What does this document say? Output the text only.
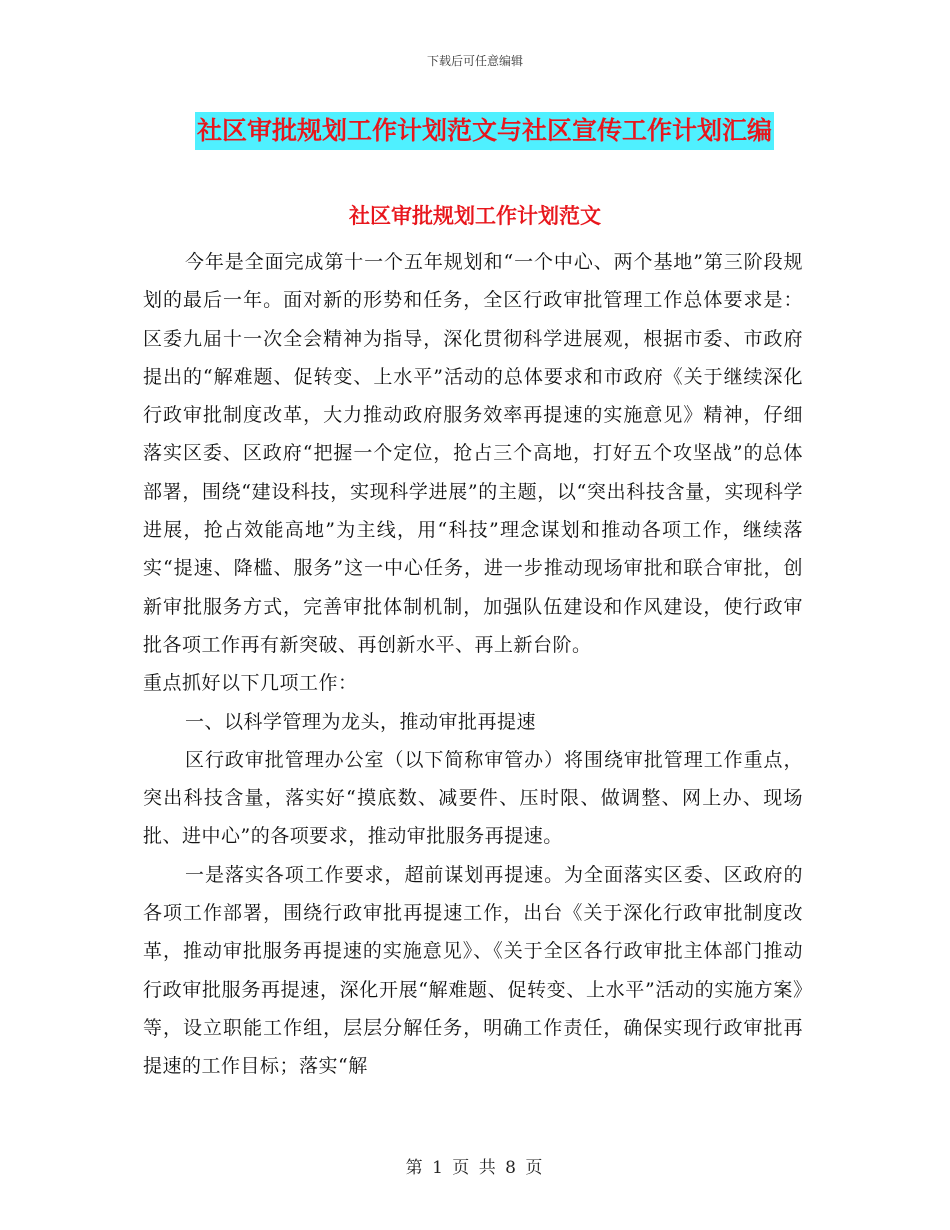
下载后可任意编辑
社区审批规划工作计划范文与社区宣传工作计划汇编
社区审批规划工作计划范文

今年是全面完成第十一个五年规划和“一个中心、两个基地”第三阶段规划的最后一年。面对新的形势和任务，全区行政审批管理工作总体要求是：区委九届十一次全会精神为指导，深化贯彻科学进展观，根据市委、市政府提出的“解难题、促转变、上水平”活动的总体要求和市政府《关于继续深化行政审批制度改革，大力推动政府服务效率再提速的实施意见》精神，仔细落实区委、区政府“把握一个定位，抢占三个高地，打好五个攻坚战”的总体部署，围绕“建设科技，实现科学进展”的主题，以“突出科技含量，实现科学进展，抢占效能高地”为主线，用“科技”理念谋划和推动各项工作，继续落实“提速、降槛、服务”这一中心任务，进一步推动现场审批和联合审批，创新审批服务方式，完善审批体制机制，加强队伍建设和作风建设，使行政审批各项工作再有新突破、再创新水平、再上新台阶。

重点抓好以下几项工作：

一、以科学管理为龙头，推动审批再提速

区行政审批管理办公室（以下简称审管办）将围绕审批管理工作重点，突出科技含量，落实好“摸底数、减要件、压时限、做调整、网上办、现场批、进中心”的各项要求，推动审批服务再提速。

一是落实各项工作要求，超前谋划再提速。为全面落实区委、区政府的各项工作部署，围绕行政审批再提速工作，出台《关于深化行政审批制度改革，推动审批服务再提速的实施意见》、《关于全区各行政审批主体部门推动行政审批服务再提速，深化开展“解难题、促转变、上水平”活动的实施方案》等，设立职能工作组，层层分解任务，明确工作责任，确保实现行政审批再提速的工作目标；落实“解

第 1 页 共 8 页
